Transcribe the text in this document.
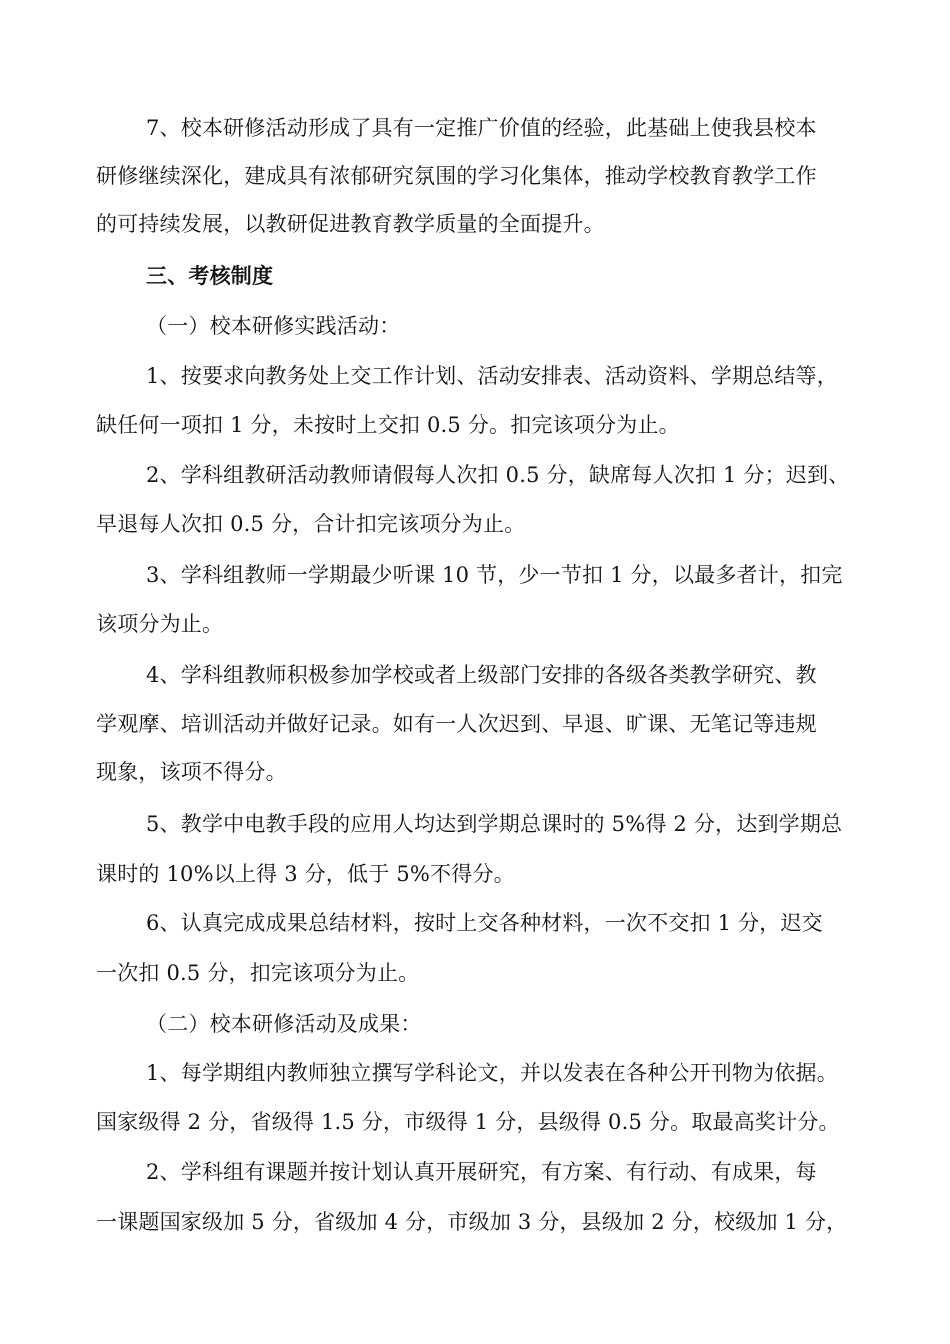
7、校本研修活动形成了具有一定推广价值的经验，此基础上使我县校本
研修继续深化，建成具有浓郁研究氛围的学习化集体，推动学校教育教学工作
的可持续发展，以教研促进教育教学质量的全面提升。
三、考核制度
（一）校本研修实践活动：
1、按要求向教务处上交工作计划、活动安排表、活动资料、学期总结等，
缺任何一项扣 1 分，未按时上交扣 0.5 分。扣完该项分为止。
2、学科组教研活动教师请假每人次扣 0.5 分，缺席每人次扣 1 分；迟到、
早退每人次扣 0.5 分，合计扣完该项分为止。
3、学科组教师一学期最少听课 10 节，少一节扣 1 分，以最多者计，扣完
该项分为止。
4、学科组教师积极参加学校或者上级部门安排的各级各类教学研究、教
学观摩、培训活动并做好记录。如有一人次迟到、早退、旷课、无笔记等违规
现象，该项不得分。
5、教学中电教手段的应用人均达到学期总课时的 5%得 2 分，达到学期总
课时的 10%以上得 3 分，低于 5%不得分。
6、认真完成成果总结材料，按时上交各种材料，一次不交扣 1 分，迟交
一次扣 0.5 分，扣完该项分为止。
（二）校本研修活动及成果：
1、每学期组内教师独立撰写学科论文，并以发表在各种公开刊物为依据。
国家级得 2 分，省级得 1.5 分，市级得 1 分，县级得 0.5 分。取最高奖计分。
2、学科组有课题并按计划认真开展研究，有方案、有行动、有成果，每
一课题国家级加 5 分，省级加 4 分，市级加 3 分，县级加 2 分，校级加 1 分，
